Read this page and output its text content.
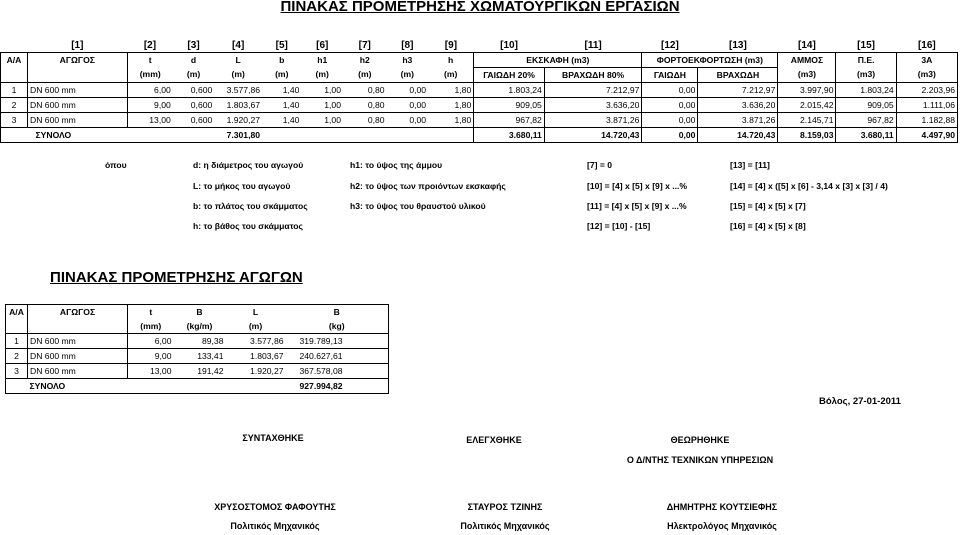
ΠΙΝΑΚΑΣ ΠΡΟΜΕΤΡΗΣΗΣ ΧΩΜΑΤΟΥΡΓΙΚΩΝ ΕΡΓΑΣΙΩΝ
	[1]	[2]	[3]	[4]	[5]	[6]	[7]	[8]	[9]	[10]	[11]	[12]	[13]	[14]	[15]	[16]
Α/Α	ΑΓΩΓΟΣ	t	d	L	b	h1	h2	h3	h	ΕΚΣΚΑΦΗ (m3)		ΦΟΡΤΟΕΚΦΟΡΤΩΣΗ (m3)		ΑΜΜΟΣ	Π.Ε.	3Α
		(mm)	(m)	(m)	(m)	(m)	(m)	(m)	(m)	ΓΑΙΩΔΗ 20%	ΒΡΑΧΩΔΗ 80%	ΓΑΙΩΔΗ	ΒΡΑΧΩΔΗ	(m3)	(m3)	(m3)
1	DN 600 mm	6,00	0,600	3.577,86	1,40	1,00	0,80	0,00	1,80	1.803,24	7.212,97	0,00	7.212,97	3.997,90	1.803,24	2.203,96
2	DN 600 mm	9,00	0,600	1.803,67	1,40	1,00	0,80	0,00	1,80	909,05	3.636,20	0,00	3.636,20	2.015,42	909,05	1.111,06
3	DN 600 mm	13,00	0,600	1.920,27	1,40	1,00	0,80	0,00	1,80	967,82	3.871,26	0,00	3.871,26	2.145,71	967,82	1.182,88
	ΣΥΝΟΛΟ			7.301,80						3.680,11	14.720,43	0,00	14.720,43	8.159,03	3.680,11	4.497,90
όπου	d: η διάμετρος του αγωγού
L: το μήκος του αγωγού
b: το πλάτος του σκάμματος
h: το βάθος του σκάμματος
h1: το ύψος της άμμου
h2: το ύψος των προιόντων εκσκαφής
h3: το ύψος του θραυστού υλικού
[7] = 0
[10] = [4] x [5] x [9] x ...%
[11] = [4] x [5] x [9] x ...%
[12] = [10] - [15]
[13] = [11]
[14] = [4] x ([5] x [6] - 3,14 x [3] x [3] / 4)
[15] = [4] x [5] x [7]
[16] = [4] x [5] x [8]
ΠΙΝΑΚΑΣ ΠΡΟΜΕΤΡΗΣΗΣ ΑΓΩΓΩΝ
Α/Α	ΑΓΩΓΟΣ	t	B	L	B
		(mm)	(kg/m)	(m)	(kg)
1	DN 600 mm	6,00	89,38	3.577,86	319.789,13
2	DN 600 mm	9,00	133,41	1.803,67	240.627,61
3	DN 600 mm	13,00	191,42	1.920,27	367.578,08
	ΣΥΝΟΛΟ				927.994,82
Βόλος, 27-01-2011
ΣΥΝΤΑΧΘΗΚΕ	ΕΛΕΓΧΘΗΚΕ	ΘΕΩΡΗΘΗΚΕ
Ο Δ/ΝΤΗΣ ΤΕΧΝΙΚΩΝ ΥΠΗΡΕΣΙΩΝ
ΧΡΥΣΟΣΤΟΜΟΣ ΦΑΦΟΥΤΗΣ	ΣΤΑΥΡΟΣ ΤΖΙΝΗΣ	ΔΗΜΗΤΡΗΣ ΚΟΥΤΣΙΕΦΗΣ
Πολιτικός Μηχανικός	Πολιτικός Μηχανικός	Ηλεκτρολόγος Μηχανικός
